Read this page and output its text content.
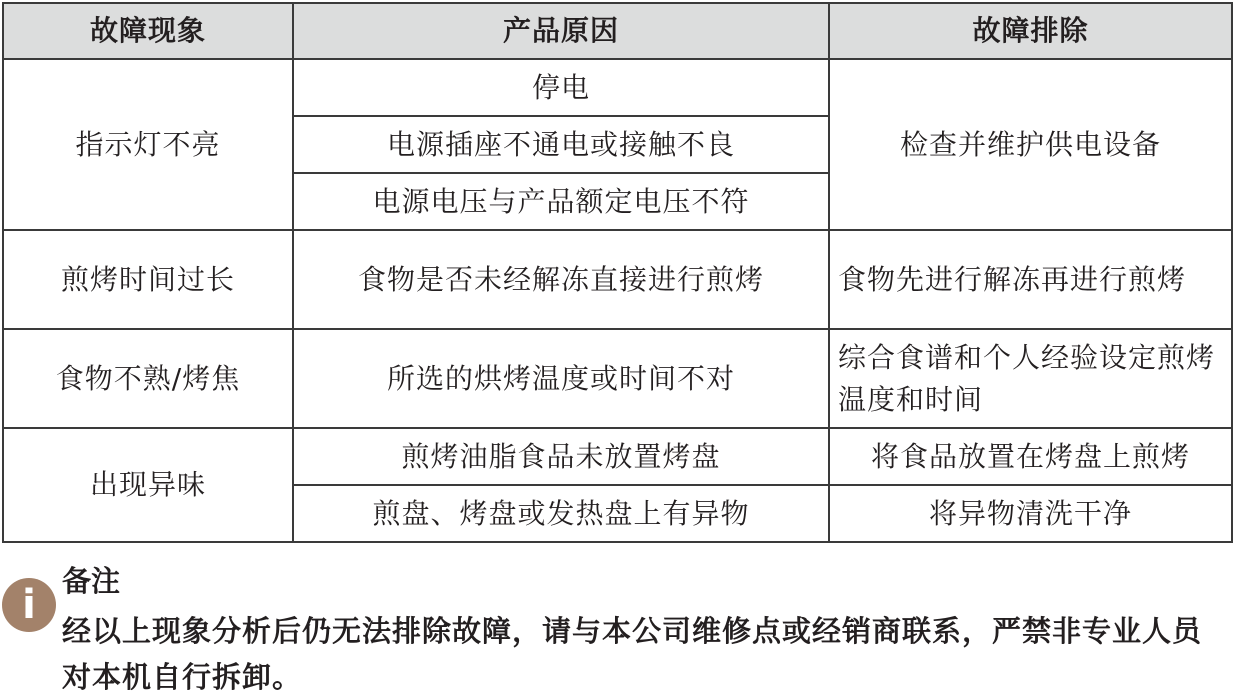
故障现象	产品原因	故障排除
指示灯不亮	停电	检查并维护供电设备
	电源插座不通电或接触不良	
	电源电压与产品额定电压不符	
煎烤时间过长	食物是否未经解冻直接进行煎烤	食物先进行解冻再进行煎烤
食物不熟/烤焦	所选的烘烤温度或时间不对	综合食谱和个人经验设定煎烤温度和时间
出现异味	煎烤油脂食品未放置烤盘	将食品放置在烤盘上煎烤
	煎盘、烤盘或发热盘上有异物	将异物清洗干净
i
备注
经以上现象分析后仍无法排除故障，请与本公司维修点或经销商联系，严禁非专业人员对本机自行拆卸。
